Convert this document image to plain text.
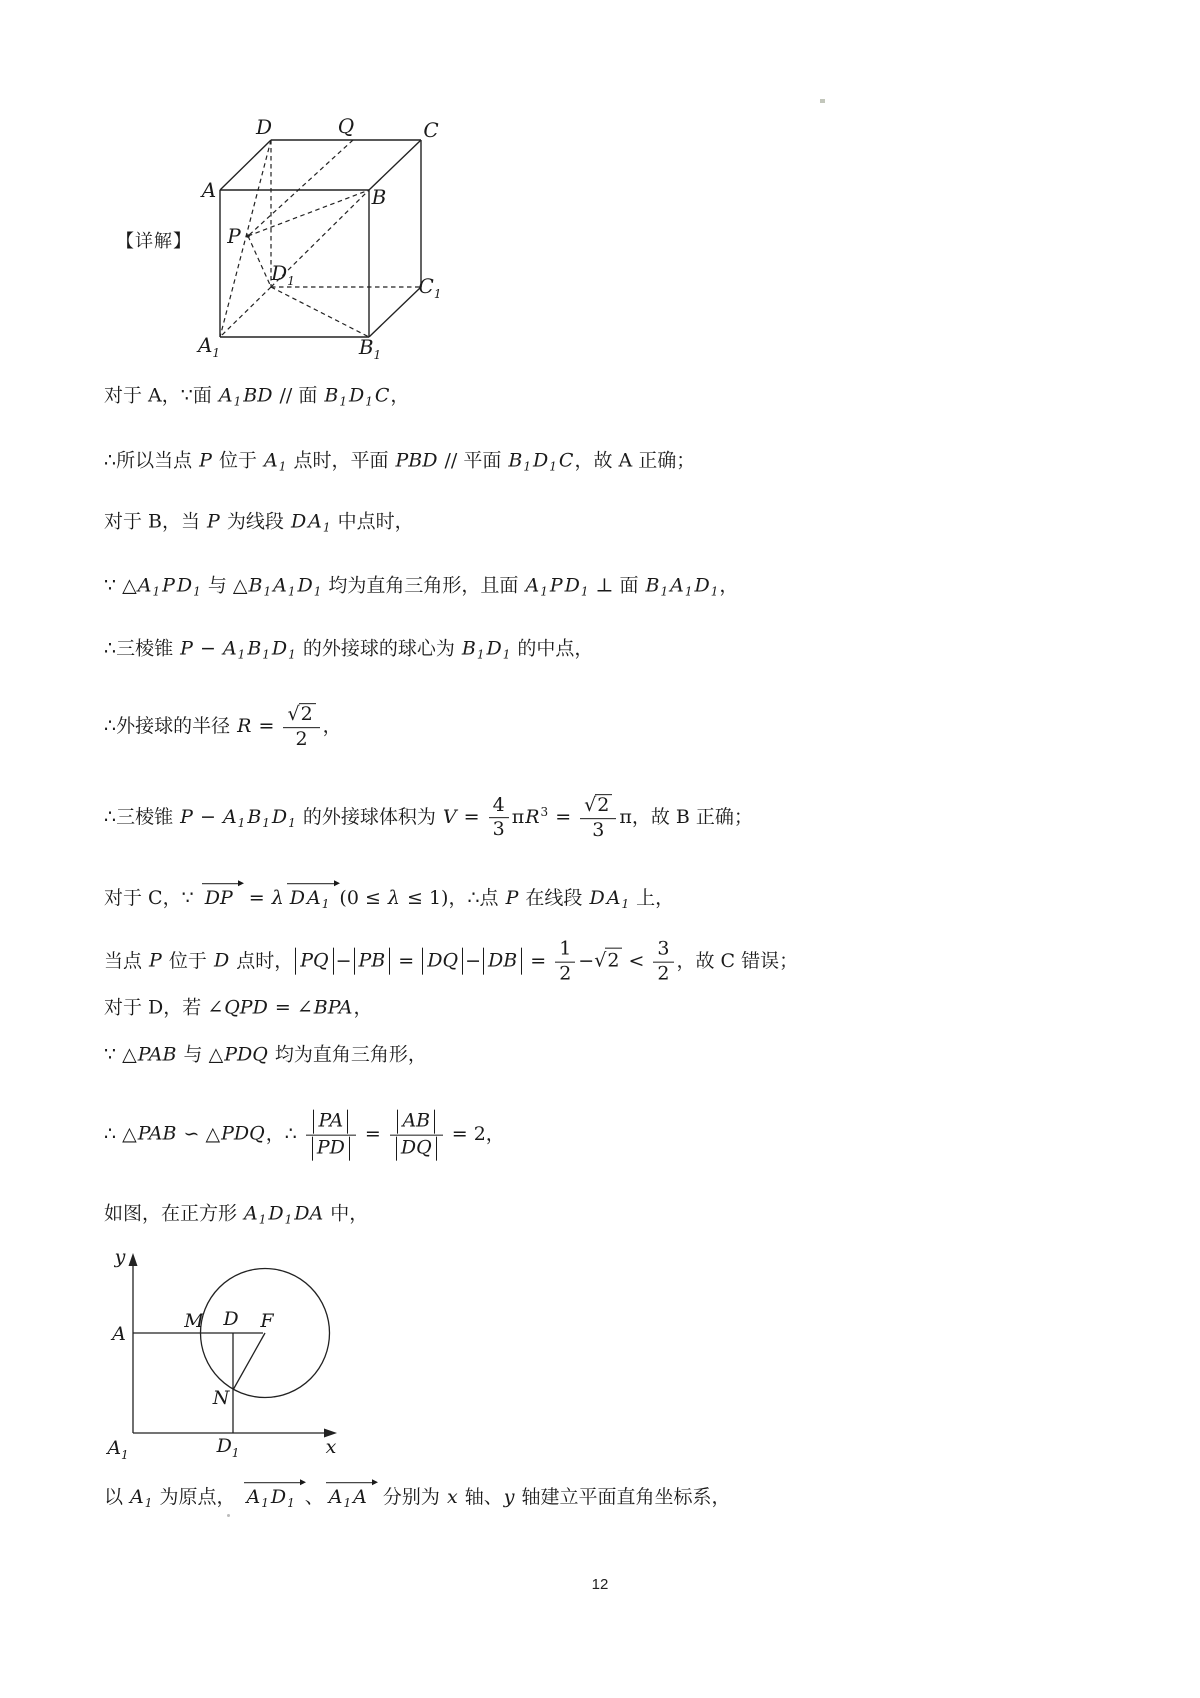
【详解】
D	Q	C
A	B
P
$D_1$	$C_1$
$A_1$	$B_1$
对于 A，∵面 $A_1$ BD // 面 $B_1$ $D_1$ C，
∴所以当点 P 位于 $A_1$ 点时，平面 PBD // 平面 $B_1$ $D_1$ C，故 A 正确；
对于 B，当 P 为线段 D $A_1$ 中点时，
∵ $\triangle A_1$ P $D_1$ 与 $\triangle B_1$ $A_1$ $D_1$ 均为直角三角形，且面 $A_1$ P $D_1$ ⊥ 面 $B_1$ $A_1$ $D_1$，
∴三棱锥 $P - A_1$ $B_1$ $D_1$ 的外接球的球心为 $B_1$ $D_1$ 的中点，
∴外接球的半径 $R = \frac{√2}{2}$ ，
∴三棱锥 $P - A_1$ $B_1$ $D_1$ 的外接球体积为 $V = \frac{4}{3} \pi R^3 = \frac{√2}{3}$ π，故 B 正确；
对于 C，∵ DP = λ D $A_1$ (0 ≤ λ ≤ 1)，∴点 P 在线段 D $A_1$ 上，
当点 P 位于 D 点时， PQ − PB = DQ − DB = $\frac{1}{2} -√2 < \frac{3}{2}$ ，故 C 错误；
对于 D，若 ∠QPD = ∠BPA，
∵ △PAB 与 △PDQ 均为直角三角形，
∴ △PAB ∽ △PDQ，∴ $\frac{PA}{PD} = \frac{AB}{DQ} = 2$，
如图，在正方形 $A_1$ $D_1$ DA 中，
以 $A_1$ 为原点， $A_1$ $D_1$ 、 $A_1$ A 分别为 x 轴、y 轴建立平面直角坐标系，
y
A
M D F
N
$A_1$	$D_1$	x
12
